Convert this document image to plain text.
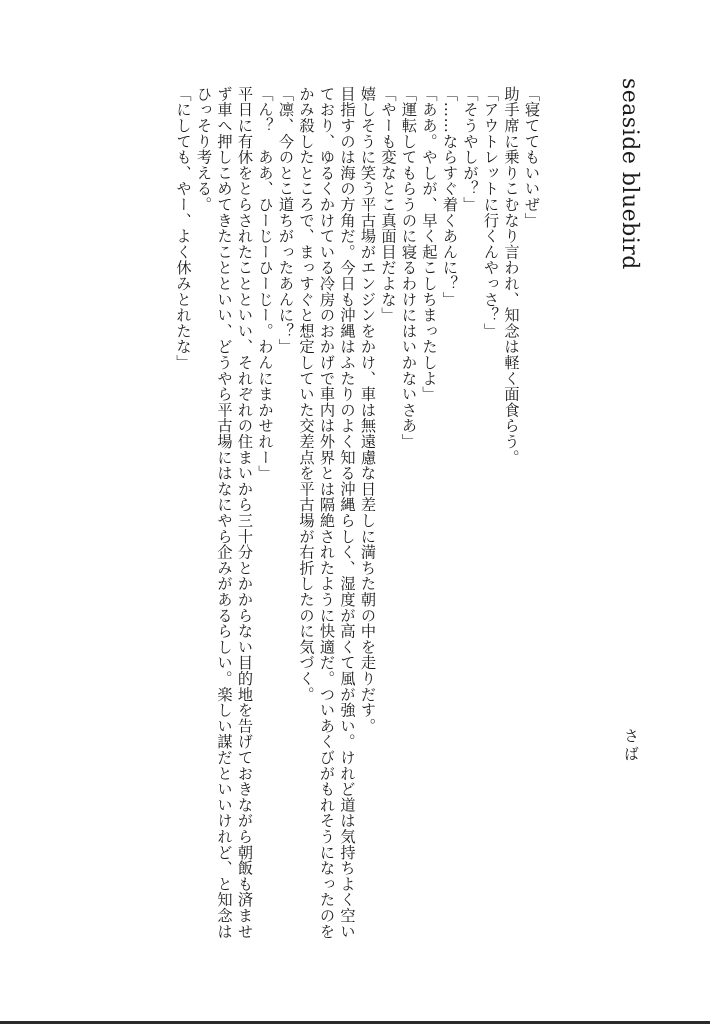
seaside bluebird
さば

「寝ててもいいぜ」

助手席に乗りこむなり言われ、知念は軽く面食らう。

「アウトレットに行くんやっさ？」

「そうやしが？」

「……ならすぐ着くあんに？」

「ああ。やしが、早く起こしちまったしよ」

「運転してもらうのに寝るわけにはいかないさあ」

「やーも変なとこ真面目だよな」

嬉しそうに笑う平古場がエンジンをかけ、車は無遠慮な日差しに満ちた朝の中を走りだす。

目指すのは海の方角だ。今日も沖縄はふたりのよく知る沖縄らしく、湿度が高くて風が強い。けれど道は気持ちよく空いており、ゆるくかけている冷房のおかげで車内は外界とは隔絶されたように快適だ。ついあくびがもれそうになったのをかみ殺したところで、まっすぐと想定していた交差点を平古場が右折したのに気づく。

「凛、今のとこ道ちがったあんに？」

「ん？　ああ、ひーじーひーじー。わんにまかせれー」

平日に有休をとらされたことといい、それぞれの住まいから三十分とかからない目的地を告げておきながら朝飯も済ませず車へ押しこめてきたことといい、どうやら平古場にはなにやら企みがあるらしい。楽しい謀だといいけれど、と知念はひっそり考える。

「にしても、やー、よく休みとれたな」
